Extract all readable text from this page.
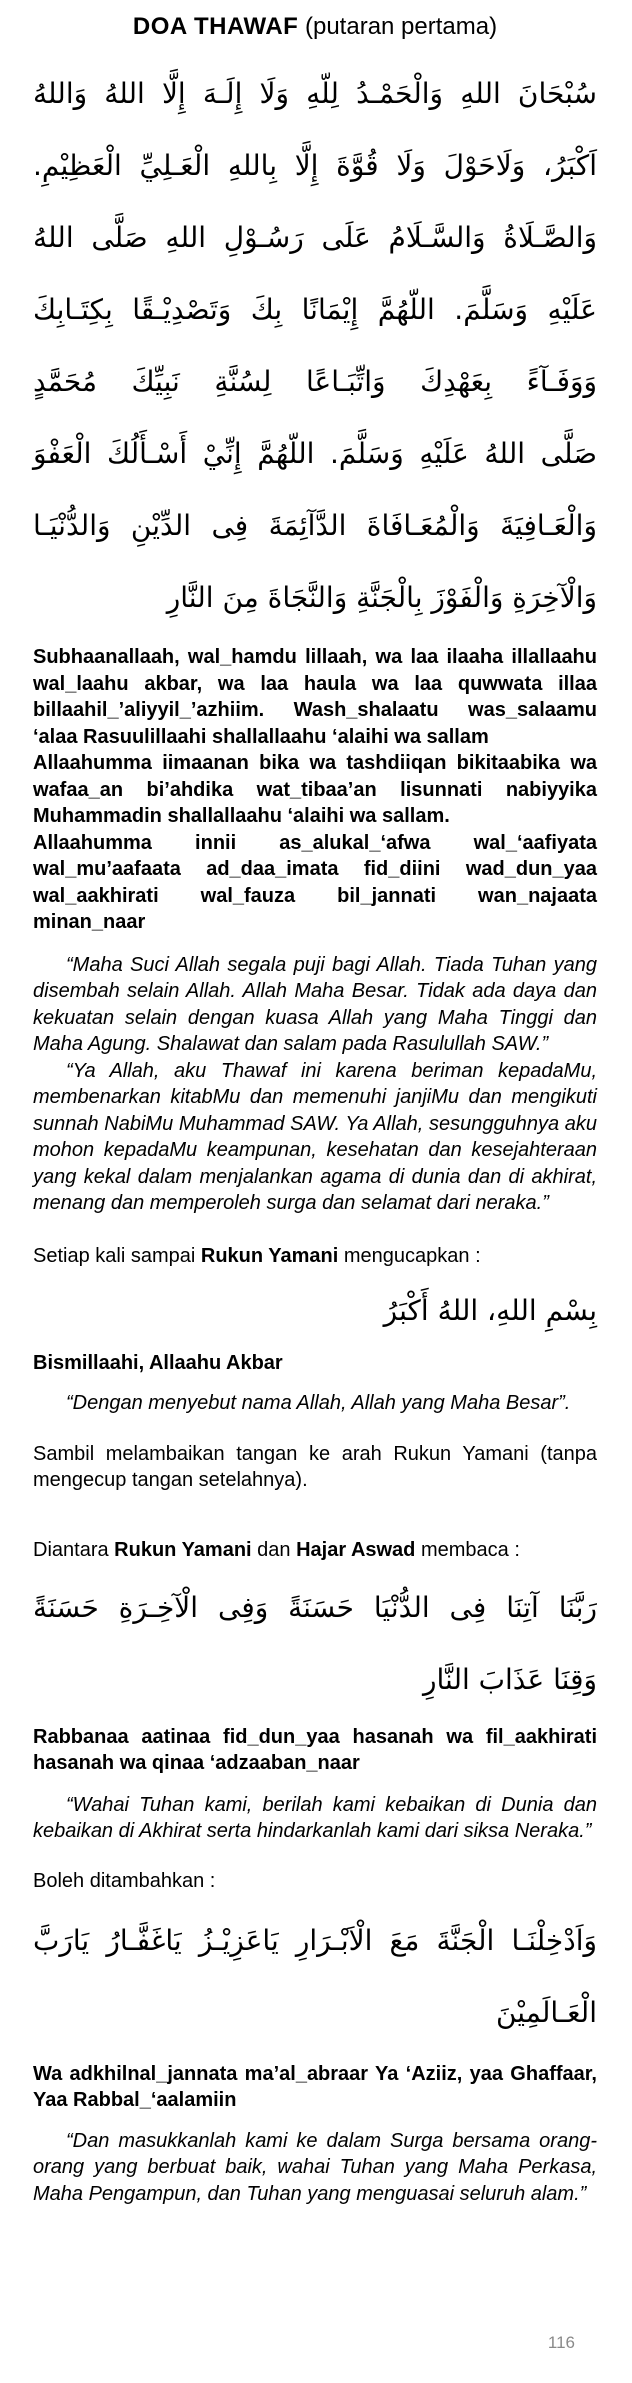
DOA THAWAF (putaran pertama)
سُبْحَانَ اللهِ وَالْحَمْـدُ لِلّهِ وَلَا إِلَـهَ إِلَّا اللهُ وَاللهُ
اَكْبَرُ، وَلَاحَوْلَ وَلَا قُوَّةَ إِلَّا بِاللهِ الْعَـلِيِّ الْعَظِيْمِ.
وَالصَّـلَاةُ وَالسَّـلَامُ عَلَى رَسُـوْلِ اللهِ صَلَّى اللهُ
عَلَيْهِ وَسَلَّمَ. اللّهُمَّ إِيْمَانًا بِكَ وَتَصْدِيْـقًا بِكِتَـابِكَ
وَوَفَـآءً بِعَهْدِكَ وَاتِّبَـاعًا لِسُنَّةِ نَبِيِّكَ مُحَمَّدٍ
صَلَّى اللهُ عَلَيْهِ وَسَلَّمَ. اللّهُمَّ إِنِّيْ أَسْـأَلُكَ الْعَفْوَ
وَالْعَـافِيَةَ وَالْمُعَـافَاةَ الدَّآئِمَةَ فِى الدِّيْنِ وَالدُّنْيَـا
وَالْآخِرَةِ وَالْفَوْزَ بِالْجَنَّةِ وَالنَّجَاةَ مِنَ النَّارِ

Subhaanallaah, wal_hamdu lillaah, wa laa ilaaha illallaahu wal_laahu akbar, wa laa haula wa laa quwwata illaa billaahil_’aliyyil_’azhiim. Wash_shalaatu was_salaamu ‘alaa Rasuulillaahi shallallaahu ‘alaihi wa sallam

Allaahumma iimaanan bika wa tashdiiqan bikitaabika wa wafaa_an bi’ahdika wat_tibaa’an lisunnati nabiyyika Muhammadin shallallaahu ‘alaihi wa sallam.

Allaahumma innii as_alukal_‘afwa wal_‘aafiyata wal_mu’aafaata ad_daa_imata fid_diini wad_dun_yaa wal_aakhirati wal_fauza bil_jannati wan_najaata minan_naar

“Maha Suci Allah segala puji bagi Allah. Tiada Tuhan yang disembah selain Allah. Allah Maha Besar. Tidak ada daya dan kekuatan selain dengan kuasa Allah yang Maha Tinggi dan Maha Agung. Shalawat dan salam pada Rasulullah SAW.”

“Ya Allah, aku Thawaf ini karena beriman kepadaMu, membenarkan kitabMu dan memenuhi janjiMu dan mengikuti sunnah NabiMu Muhammad SAW. Ya Allah, sesungguhnya aku mohon kepadaMu keampunan, kesehatan dan kesejahteraan yang kekal dalam menjalankan agama di dunia dan di akhirat, menang dan memperoleh surga dan selamat dari neraka.”

Setiap kali sampai Rukun Yamani mengucapkan :

بِسْمِ اللهِ، اللهُ أَكْبَرُ

Bismillaahi, Allaahu Akbar

“Dengan menyebut nama Allah, Allah yang Maha Besar”.

Sambil melambaikan tangan ke arah Rukun Yamani (tanpa mengecup tangan setelahnya).

Diantara Rukun Yamani dan Hajar Aswad membaca :

رَبَّنَا آتِنَا فِى الدُّنْيَا حَسَنَةً وَفِى الْآخِـرَةِ حَسَنَةً
وَقِنَا عَذَابَ النَّارِ

Rabbanaa aatinaa fid_dun_yaa hasanah wa fil_aakhirati hasanah wa qinaa ‘adzaaban_naar

“Wahai Tuhan kami, berilah kami kebaikan di Dunia dan kebaikan di Akhirat serta hindarkanlah kami dari siksa Neraka.”

Boleh ditambahkan :

وَاَدْخِلْنَـا الْجَنَّةَ مَعَ الْاَبْـرَارِ يَاعَزِيْـزُ يَاغَفَّـارُ يَارَبَّ
الْعَـالَمِيْنَ

Wa adkhilnal_jannata ma’al_abraar Ya ‘Aziiz, yaa Ghaffaar, Yaa Rabbal_‘aalamiin

“Dan masukkanlah kami ke dalam Surga bersama orang-orang yang berbuat baik, wahai Tuhan yang Maha Perkasa, Maha Pengampun, dan Tuhan yang menguasai seluruh alam.”

116
